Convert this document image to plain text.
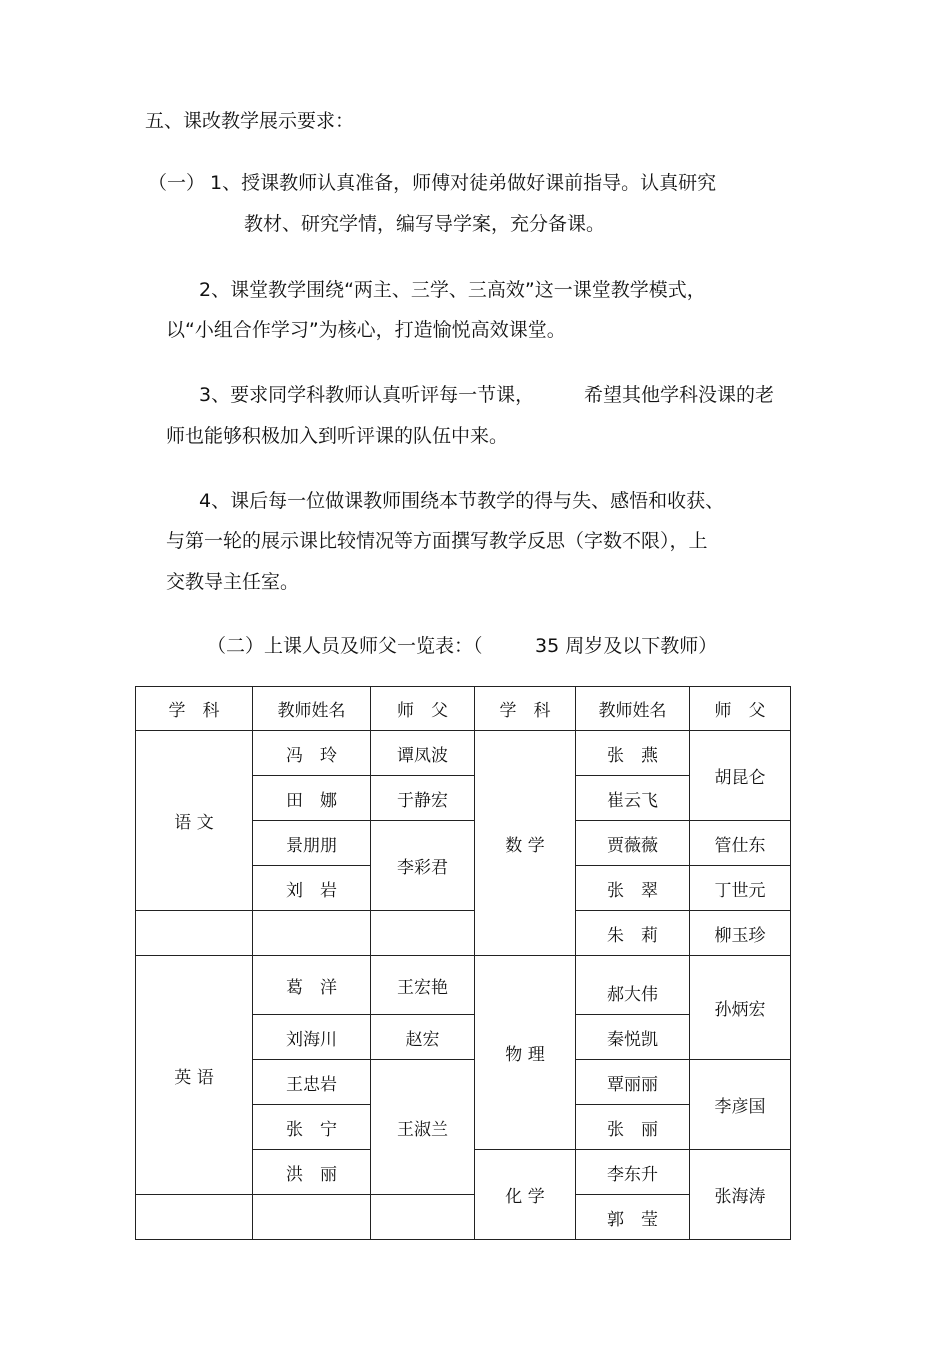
五、课改教学展示要求：
（一） 1、授课教师认真准备，师傅对徒弟做好课前指导。认真研究
教材、研究学情，编写导学案，充分备课。
2、课堂教学围绕“两主、三学、三高效”这一课堂教学模式，
以“小组合作学习”为核心，打造愉悦高效课堂。
3、要求同学科教师认真听评每一节课，	希望其他学科没课的老
师也能够积极加入到听评课的队伍中来。
4、课后每一位做课教师围绕本节教学的得与失、感悟和收获、
与第一轮的展示课比较情况等方面撰写教学反思（字数不限），上
交教导主任室。
（二）上课人员及师父一览表：（	35 周岁及以下教师）
学　科	教师姓名	师　父	学　科	教师姓名	师　父
语 文	冯　玲	谭凤波	数 学	张　燕	胡昆仑
	田　娜	于静宏		崔云飞	
	景朋朋	李彩君		贾薇薇	管仕东
	刘　岩			张　翠	丁世元
				朱　莉	柳玉珍
英 语	葛　洋	王宏艳	物 理	郝大伟	孙炳宏
	刘海川	赵宏		秦悦凯	
	王忠岩	王淑兰		覃丽丽	李彦国
	张　宁			张　丽	
	洪　丽		化 学	李东升	张海涛
				郭　莹	
